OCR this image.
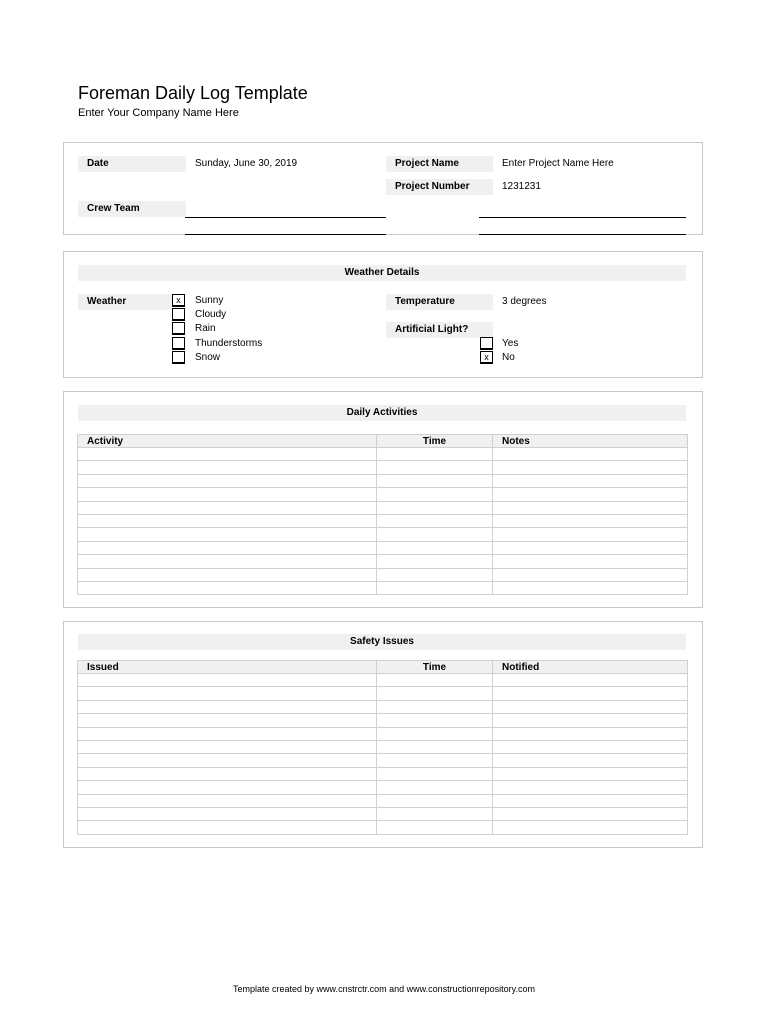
Foreman Daily Log Template
Enter Your Company Name Here
Date	Sunday, June 30, 2019	Project Name	Enter Project Name Here
Project Number	1231231
Crew Team
Weather Details
Weather	x	Sunny
Cloudy
Rain
Thunderstorms
Snow
Temperature	3 degrees
Artificial Light?
Yes
x	No
Daily Activities
Activity	Time	Notes

Safety Issues
Issued	Time	Notified

Template created by www.cnstrctr.com and www.constructionrepository.com
